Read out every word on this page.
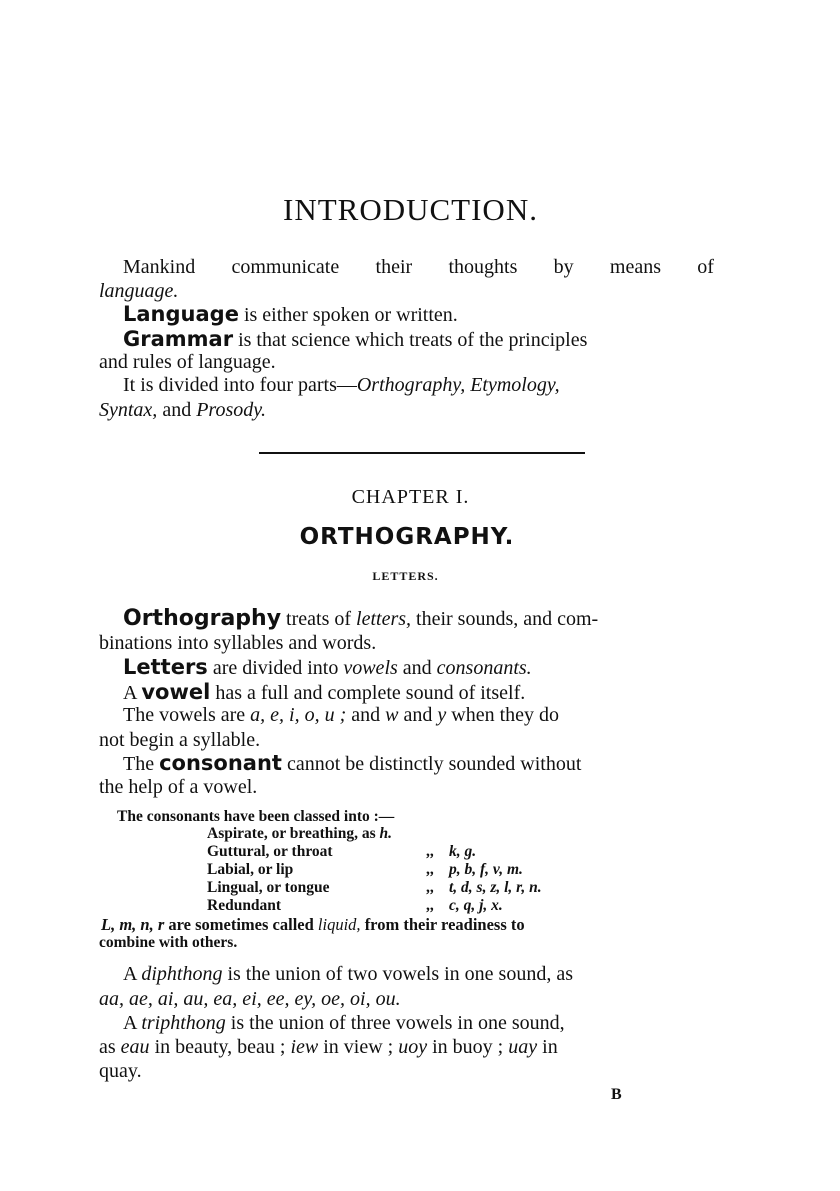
INTRODUCTION.
Mankind communicate their thoughts by means of
language.
Language is either spoken or written.
Grammar is that science which treats of the principles
and rules of language.
It is divided into four parts—Orthography, Etymology,
Syntax, and Prosody.
CHAPTER I.
ORTHOGRAPHY.
LETTERS.
Orthography treats of letters, their sounds, and com-
binations into syllables and words.
Letters are divided into vowels and consonants.
A vowel has a full and complete sound of itself.
The vowels are a, e, i, o, u ; and w and y when they do
not begin a syllable.
The consonant cannot be distinctly sounded without
the help of a vowel.
The consonants have been classed into :—
Aspirate, or breathing, as h.
Guttural, or throat	,, k, g.
Labial, or lip	,, p, b, f, v, m.
Lingual, or tongue	,, t, d, s, z, l, r, n.
Redundant	,, c, q, j, x.
L, m, n, r are sometimes called liquid, from their readiness to
combine with others.
A diphthong is the union of two vowels in one sound, as
aa, ae, ai, au, ea, ei, ee, ey, oe, oi, ou.
A triphthong is the union of three vowels in one sound,
as eau in beauty, beau ; iew in view ; uoy in buoy ; uay in
quay.
B
